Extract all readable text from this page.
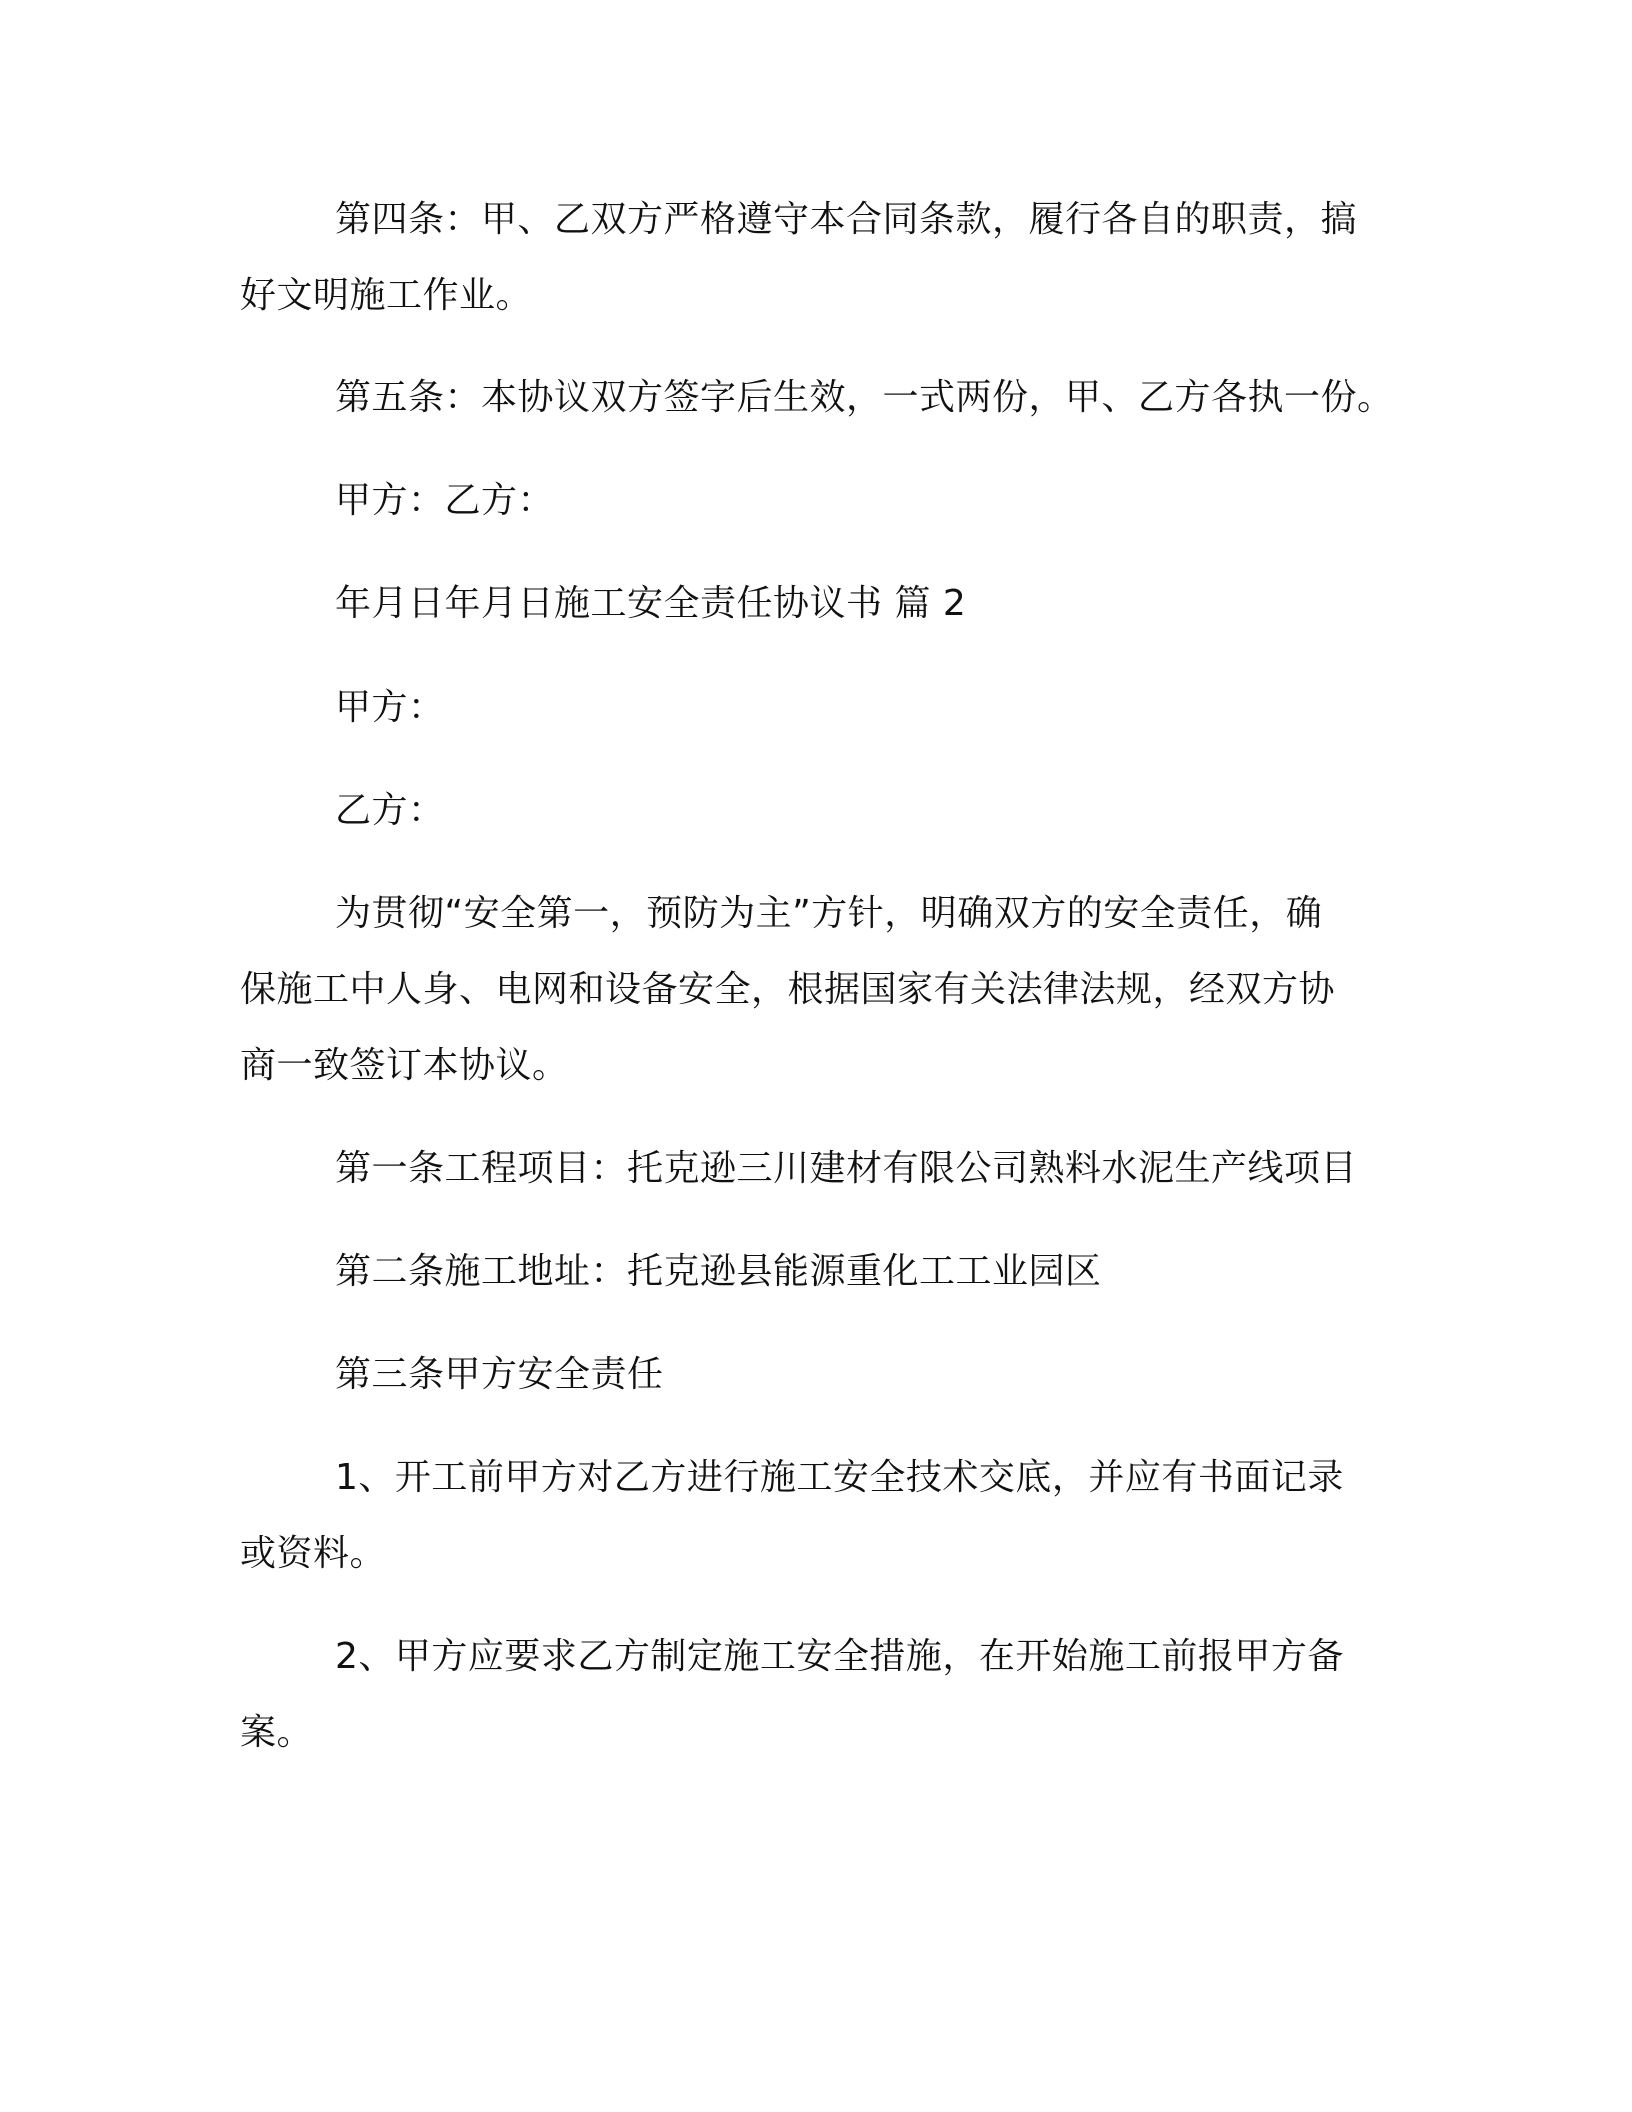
第四条：甲、乙双方严格遵守本合同条款，履行各自的职责，搞
好文明施工作业。
第五条：本协议双方签字后生效，一式两份，甲、乙方各执一份。
甲方：乙方：
年月日年月日施工安全责任协议书 篇 2
甲方：
乙方：
为贯彻“安全第一，预防为主”方针，明确双方的安全责任，确
保施工中人身、电网和设备安全，根据国家有关法律法规，经双方协
商一致签订本协议。
第一条工程项目：托克逊三川建材有限公司熟料水泥生产线项目
第二条施工地址：托克逊县能源重化工工业园区
第三条甲方安全责任
1、开工前甲方对乙方进行施工安全技术交底，并应有书面记录
或资料。
2、甲方应要求乙方制定施工安全措施，在开始施工前报甲方备
案。
